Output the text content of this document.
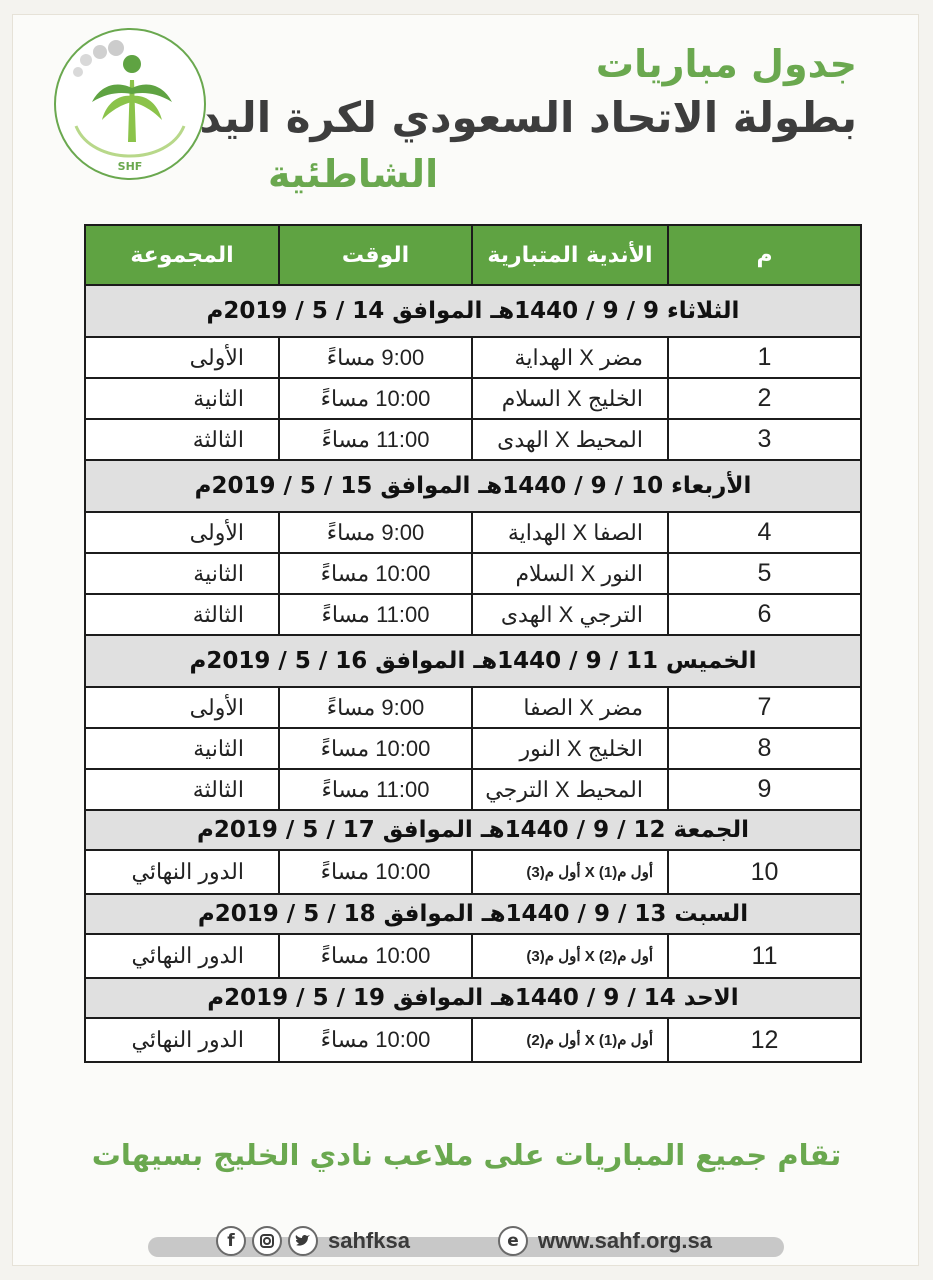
SHF
جدول مباريات
بطولة الاتحاد السعودي لكرة اليد
الشاطئية
م	الأندية المتبارية	الوقت	المجموعة
الثلاثاء 9 / 9 / 1440هـ الموافق 14 / 5 / 2019م			
1	مضر X الهداية	9:00 مساءً	الأولى
2	الخليج X السلام	10:00 مساءً	الثانية
3	المحيط X الهدى	11:00 مساءً	الثالثة
الأربعاء 10 / 9 / 1440هـ الموافق 15 / 5 / 2019م			
4	الصفا X الهداية	9:00 مساءً	الأولى
5	النور X السلام	10:00 مساءً	الثانية
6	الترجي X الهدى	11:00 مساءً	الثالثة
الخميس 11 / 9 / 1440هـ الموافق 16 / 5 / 2019م			
7	مضر X الصفا	9:00 مساءً	الأولى
8	الخليج X النور	10:00 مساءً	الثانية
9	المحيط X الترجي	11:00 مساءً	الثالثة
الجمعة 12 / 9 / 1440هـ الموافق 17 / 5 / 2019م			
10	أول م(1) X أول م(3)	10:00 مساءً	الدور النهائي
السبت 13 / 9 / 1440هـ الموافق 18 / 5 / 2019م			
11	أول م(2) X أول م(3)	10:00 مساءً	الدور النهائي
الاحد 14 / 9 / 1440هـ الموافق 19 / 5 / 2019م			
12	أول م(1) X أول م(2)	10:00 مساءً	الدور النهائي
تقام جميع المباريات على ملاعب نادي الخليج بسيهات
f	sahfksa	e www.sahf.org.sa
